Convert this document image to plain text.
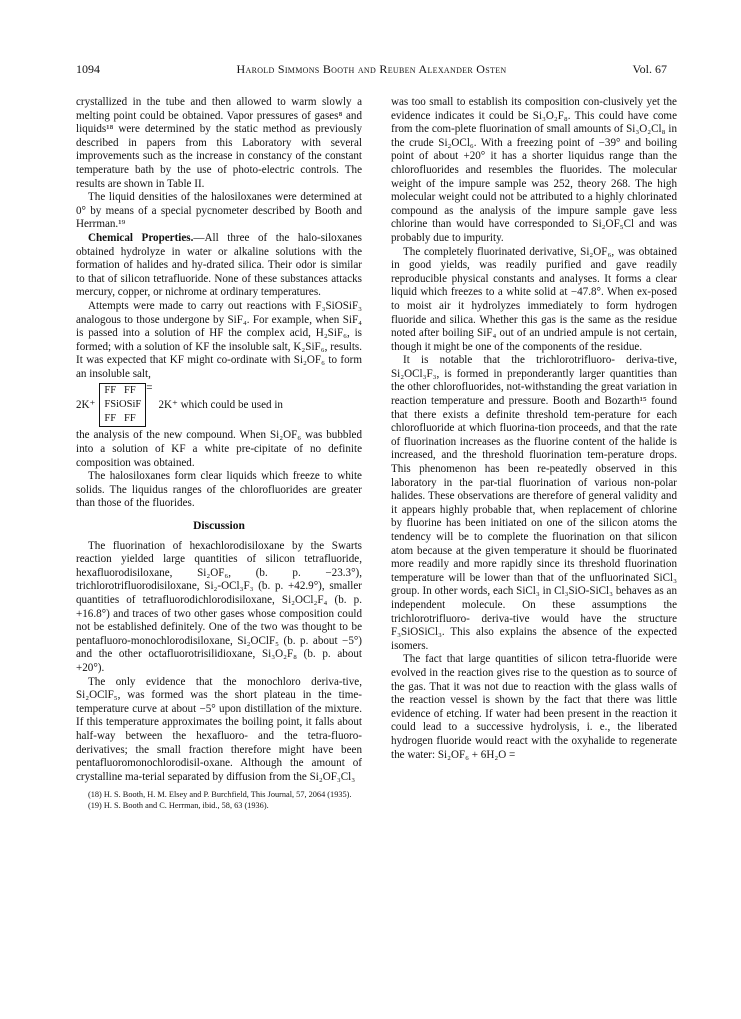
1094	Harold Simmons Booth and Reuben Alexander Osten	Vol. 67

crystallized in the tube and then allowed to warm slowly a melting point could be obtained. Vapor pressures of gases⁸ and liquids¹⁸ were determined by the static method as previously described in papers from this Laboratory with several improvements such as the increase in constancy of the constant temperature bath by the use of photo-electric controls. The results are shown in Table II.

The liquid densities of the halosiloxanes were determined at 0° by means of a special pycnometer described by Booth and Herrman.¹⁹

Chemical Properties.—All three of the halo-siloxanes obtained hydrolyze in water or alkaline solutions with the formation of halides and hy-drated silica. Their odor is similar to that of silicon tetrafluoride. None of these substances attacks mercury, copper, or nichrome at ordinary temperatures.

Attempts were made to carry out reactions with F₃SiOSiF₃ analogous to those undergone by SiF₄. For example, when SiF₄ is passed into a solution of HF the complex acid, H₂SiF₆, is formed; with a solution of KF the insoluble salt, K₂SiF₆, results. It was expected that KF might co-ordinate with Si₂OF₆ to form an insoluble salt,

2K⁺
FF   FF
FSiOSiF
FF   FF
=
2K⁺ which could be used in

the analysis of the new compound. When Si₂OF₆ was bubbled into a solution of KF a white pre-cipitate of no definite composition was obtained.

The halosiloxanes form clear liquids which freeze to white solids. The liquidus ranges of the chlorofluorides are greater than those of the fluorides.

Discussion

The fluorination of hexachlorodisiloxane by the Swarts reaction yielded large quantities of silicon tetrafluoride, hexafluorodisiloxane, Si₂OF₆, (b. p. −23.3°), trichlorotrifluorodisiloxane, Si₂-OCl₃F₃ (b. p. +42.9°), smaller quantities of tetrafluorodichlorodisiloxane, Si₂OCl₂F₄ (b. p. +16.8°) and traces of two other gases whose composition could not be established definitely. One of the two was thought to be pentafluoro-monochlorodisiloxane, Si₂OClF₅ (b. p. about −5°) and the other octafluorotrisilidioxane, Si₃O₂F₈ (b. p. about +20°).

The only evidence that the monochloro deriva-tive, Si₂OClF₅, was formed was the short plateau in the time-temperature curve at about −5° upon distillation of the mixture. If this temperature approximates the boiling point, it falls about half-way between the hexafluoro- and the tetra-fluoro- derivatives; the small fraction therefore might have been pentafluoromonochlorodisil-oxane. Although the amount of crystalline ma-terial separated by diffusion from the Si₂OF₃Cl₃

(18) H. S. Booth, H. M. Elsey and P. Burchfield, This Journal, 57, 2064 (1935).
(19) H. S. Booth and C. Herrman, ibid., 58, 63 (1936).

was too small to establish its composition con-clusively yet the evidence indicates it could be Si₃O₂F₈. This could have come from the com-plete fluorination of small amounts of Si₃O₂Cl₈ in the crude Si₂OCl₆. With a freezing point of −39° and boiling point of about +20° it has a shorter liquidus range than the chlorofluorides and resembles the fluorides. The molecular weight of the impure sample was 252, theory 268. The high molecular weight could not be attributed to a highly chlorinated compound as the analysis of the impure sample gave less chlorine than would have corresponded to Si₂OF₅Cl and was probably due to impurity.

The completely fluorinated derivative, Si₂OF₆, was obtained in good yields, was readily purified and gave readily reproducible physical constants and analyses. It forms a clear liquid which freezes to a white solid at −47.8°. When ex-posed to moist air it hydrolyzes immediately to form hydrogen fluoride and silica. Whether this gas is the same as the residue noted after boiling SiF₄ out of an undried ampule is not certain, though it might be one of the components of the residue.

It is notable that the trichlorotrifluoro- deriva-tive, Si₂OCl₃F₃, is formed in preponderantly larger quantities than the other chlorofluorides, not-withstanding the great variation in reaction temperature and pressure. Booth and Bozarth¹⁵ found that there exists a definite threshold tem-perature for each chlorofluoride at which fluorina-tion proceeds, and that the rate of fluorination increases as the fluorine content of the halide is increased, and the threshold fluorination tem-perature drops. This phenomenon has been re-peatedly observed in this laboratory in the par-tial fluorination of various non-polar halides. These observations are therefore of general validity and it appears highly probable that, when replacement of chlorine by fluorine has been initiated on one of the silicon atoms the tendency will be to complete the fluorination on that silicon atom because at the given temperature it should be fluorinated more readily and more rapidly since its threshold fluorination temperature will be lower than that of the unfluorinated SiCl₃ group. In other words, each SiCl₃ in Cl₃SiO-SiCl₃ behaves as an independent molecule. On these assumptions the trichlorotrifluoro- deriva-tive would have the structure F₃SiOSiCl₃. This also explains the absence of the expected isomers.

The fact that large quantities of silicon tetra-fluoride were evolved in the reaction gives rise to the question as to source of the gas. That it was not due to reaction with the glass walls of the reaction vessel is shown by the fact that there was little evidence of etching. If water had been present in the reaction it could lead to a successive hydrolysis, i. e., the liberated hydrogen fluoride would react with the oxyhalide to regenerate the water: Si₂OF₆ + 6H₂O =
